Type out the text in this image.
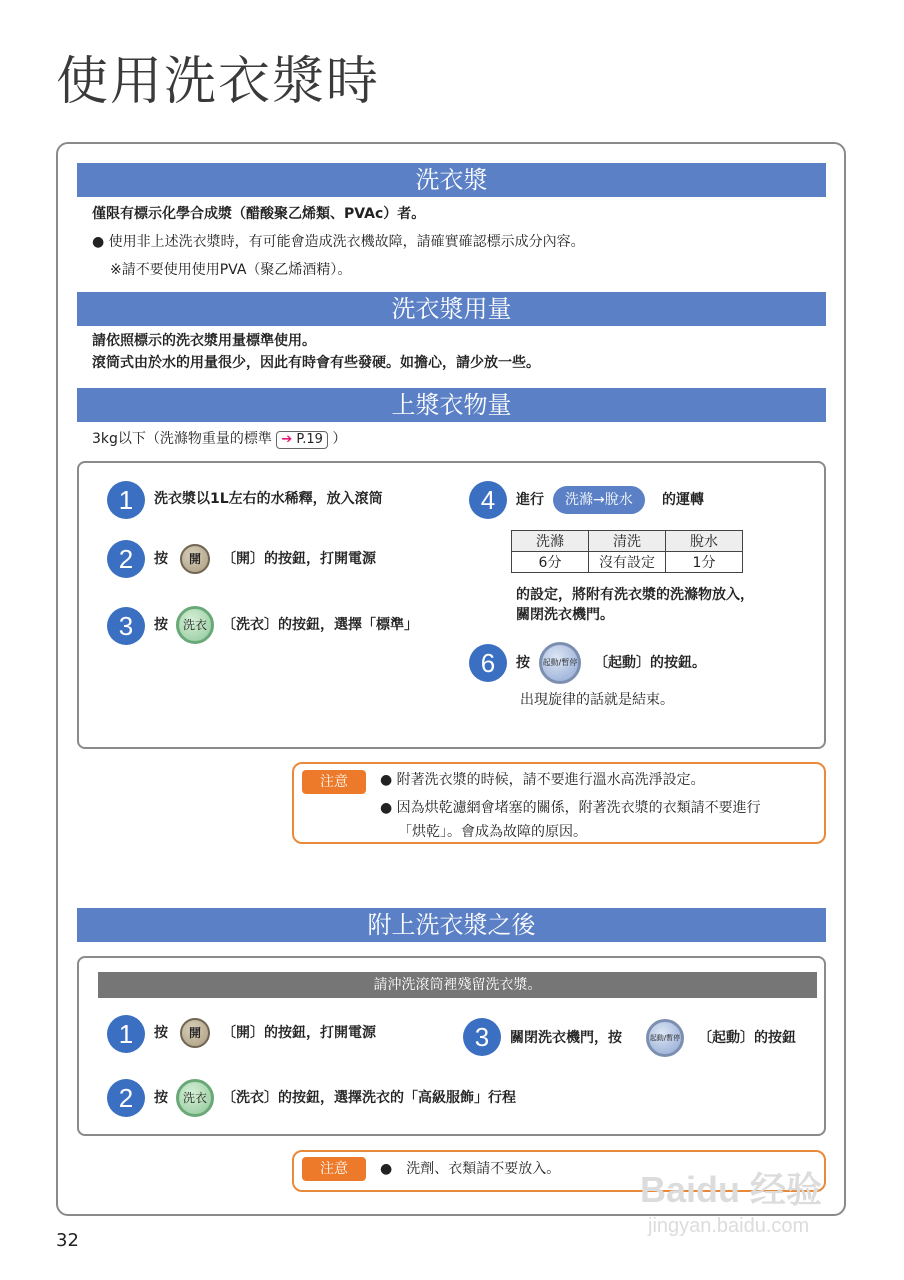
使用洗衣漿時
洗衣漿
僅限有標示化學合成漿（醋酸聚乙烯類、PVAc）者。
● 使用非上述洗衣漿時，有可能會造成洗衣機故障，請確實確認標示成分內容。
※請不要使用使用PVA（聚乙烯酒精）。
洗衣漿用量
請依照標示的洗衣漿用量標準使用。
滾筒式由於水的用量很少，因此有時會有些發硬。如擔心，請少放一些。
上漿衣物量
3kg以下（洗滌物重量的標準 ➔ P.19 ）
1	洗衣漿以1L左右的水稀釋，放入滾筒
2	按	開	〔開〕的按鈕，打開電源
3	按	洗衣	〔洗衣〕的按鈕，選擇「標準」
4	進行	洗滌→脫水	的運轉
洗滌	清洗	脫水
6分	沒有設定	1分
的設定，將附有洗衣漿的洗滌物放入，
關閉洗衣機門。
6	按	起動/暫停 〔起動〕的按鈕。
出現旋律的話就是結束。
注意	● 附著洗衣漿的時候，請不要進行溫水高洗淨設定。
● 因為烘乾濾網會堵塞的關係，附著洗衣漿的衣類請不要進行
「烘乾」。會成為故障的原因。
附上洗衣漿之後
請沖洗滾筒裡殘留洗衣漿。
1	按	開	〔開〕的按鈕，打開電源
2	按	洗衣	〔洗衣〕的按鈕，選擇洗衣的「高級服飾」行程
3	關閉洗衣機門，按	起動/暫停 〔起動〕的按鈕
注意	●　洗劑、衣類請不要放入。 Baidu 经验
jingyan.baidu.com
32
